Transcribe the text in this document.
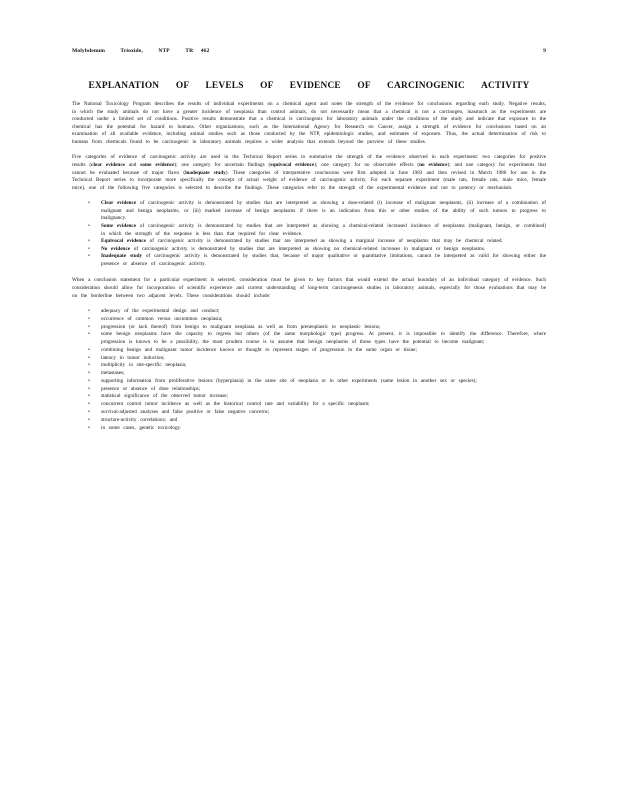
Molybdenum	Trioxide,	NTP	TR 462	9
EXPLANATION OF LEVELS OF EVIDENCE OF CARCINOGENIC ACTIVITY

The National Toxicology Program describes the results of individual experiments on a chemical agent and notes the strength of the evidence for conclusions regarding each study. Negative results, in which the study animals do not have a greater incidence of neoplasia than control animals, do not necessarily mean that a chemical is not a carcinogen, inasmuch as the experiments are conducted under a limited set of conditions. Positive results demonstrate that a chemical is carcinogenic for laboratory animals under the conditions of the study and indicate that exposure to the chemical has the potential for hazard to humans. Other organizations, such as the International Agency for Research on Cancer, assign a strength of evidence for conclusions based on an examination of all available evidence, including animal studies such as those conducted by the NTP, epidemiologic studies, and estimates of exposure. Thus, the actual determination of risk to humans from chemicals found to be carcinogenic in laboratory animals requires a wider analysis that extends beyond the purview of these studies.

Five categories of evidence of carcinogenic activity are used in the Technical Report series to summarize the strength of the evidence observed in each experiment: two categories for positive results (clear evidence and some evidence); one category for uncertain findings (equivocal evidence); one category for no observable effects (no evidence); and one category for experiments that cannot be evaluated because of major flaws (inadequate study). These categories of interpretative conclusions were first adopted in June 1983 and then revised in March 1986 for use in the Technical Report series to incorporate more specifically the concept of actual weight of evidence of carcinogenic activity. For each separate experiment (male rats, female rats, male mice, female mice), one of the following five categories is selected to describe the findings. These categories refer to the strength of the experimental evidence and not to potency or mechanism.

• Clear evidence of carcinogenic activity is demonstrated by studies that are interpreted as showing a dose-related (i) increase of malignant neoplasms, (ii) increase of a combination of malignant and benign neoplasms, or (iii) marked increase of benign neoplasms if there is an indication from this or other studies of the ability of such tumors to progress to malignancy.
• Some evidence of carcinogenic activity is demonstrated by studies that are interpreted as showing a chemical-related increased incidence of neoplasms (malignant, benign, or combined) in which the strength of the response is less than that required for clear evidence.
• Equivocal evidence of carcinogenic activity is demonstrated by studies that are interpreted as showing a marginal increase of neoplasms that may be chemical related.
• No evidence of carcinogenic activity is demonstrated by studies that are interpreted as showing no chemical-related increases in malignant or benign neoplasms.
• Inadequate study of carcinogenic activity is demonstrated by studies that, because of major qualitative or quantitative limitations, cannot be interpreted as valid for showing either the presence or absence of carcinogenic activity.

When a conclusion statement for a particular experiment is selected, consideration must be given to key factors that would extend the actual boundary of an individual category of evidence. Such consideration should allow for incorporation of scientific experience and current understanding of long-term carcinogenesis studies in laboratory animals, especially for those evaluations that may be on the borderline between two adjacent levels. These considerations should include:

• adequacy of the experimental design and conduct;
• occurrence of common versus uncommon neoplasia;
• progression (or lack thereof) from benign to malignant neoplasia as well as from preneoplastic to neoplastic lesions;
• some benign neoplasms have the capacity to regress but others (of the same morphologic type) progress. At present, it is impossible to identify the difference. Therefore, where progression is known to be a possibility, the most prudent course is to assume that benign neoplasms of those types have the potential to become malignant;
• combining benign and malignant tumor incidence known or thought to represent stages of progression in the same organ or tissue;
• latency in tumor induction;
• multiplicity in site-specific neoplasia;
• metastases;
• supporting information from proliferative lesions (hyperplasia) in the same site of neoplasia or in other experiments (same lesion in another sex or species);
• presence or absence of dose relationships;
• statistical significance of the observed tumor increase;
• concurrent control tumor incidence as well as the historical control rate and variability for a specific neoplasm;
• survival-adjusted analyses and false positive or false negative concerns;
• structure-activity correlations; and
• in some cases, genetic toxicology.
